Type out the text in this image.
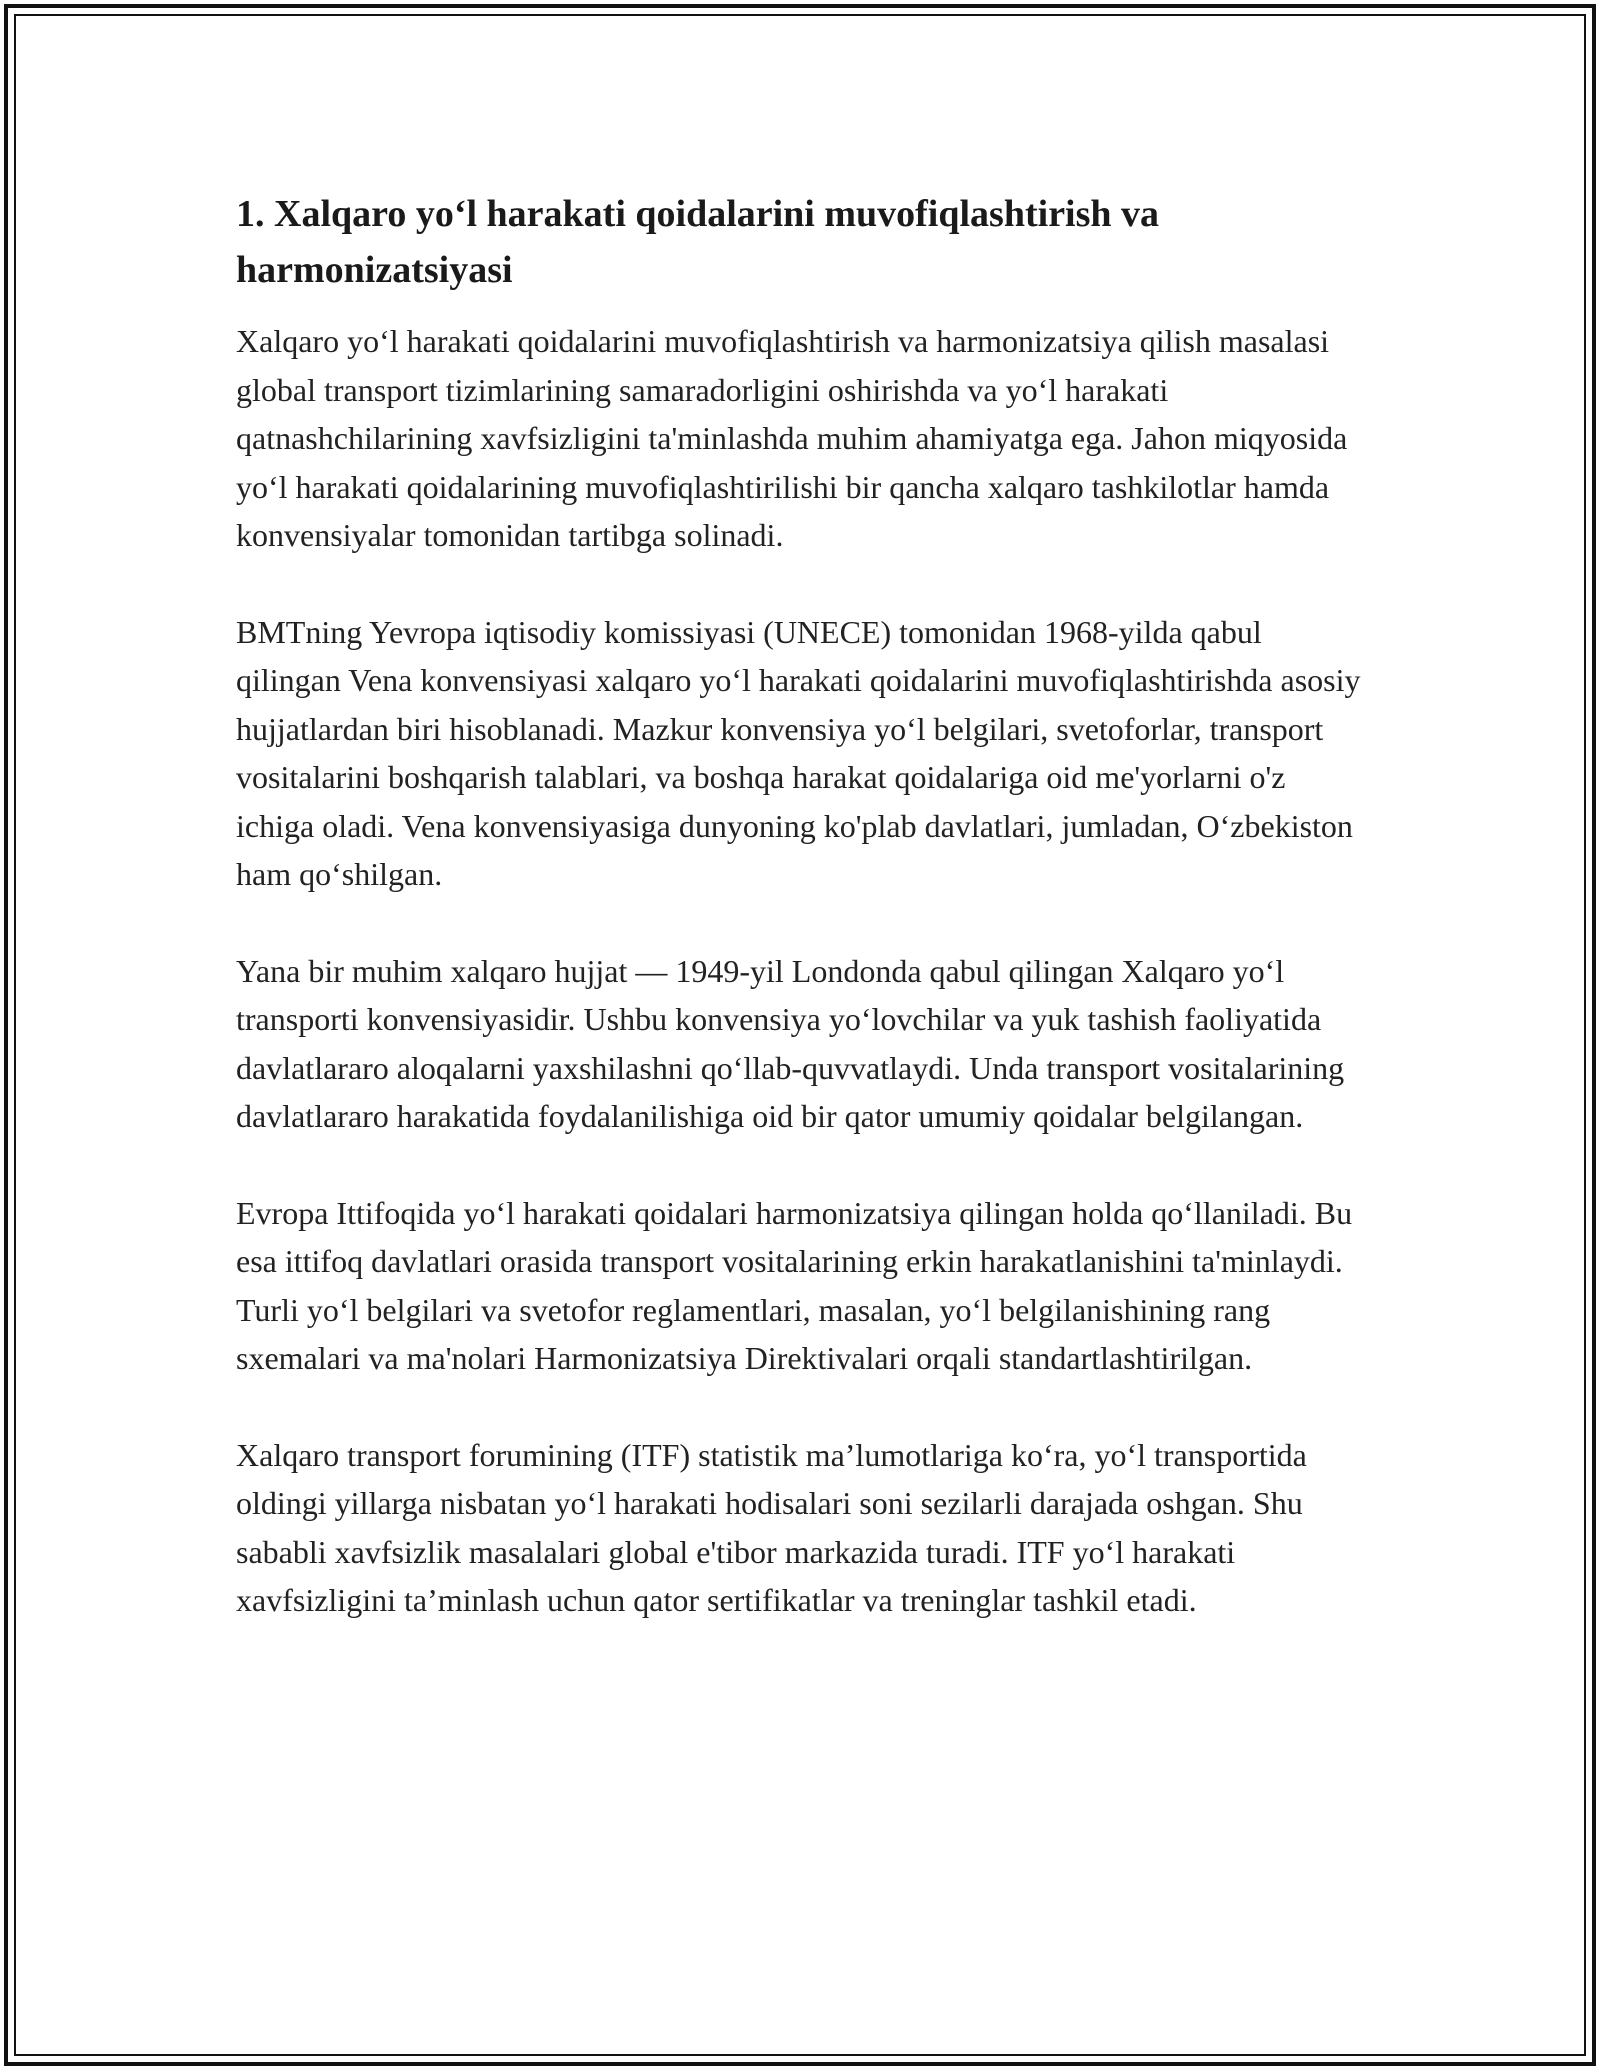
1. Xalqaro yo‘l harakati qoidalarini muvofiqlashtirish va harmonizatsiyasi

Xalqaro yo‘l harakati qoidalarini muvofiqlashtirish va harmonizatsiya qilish masalasi global transport tizimlarining samaradorligini oshirishda va yo‘l harakati qatnashchilarining xavfsizligini ta'minlashda muhim ahamiyatga ega. Jahon miqyosida yo‘l harakati qoidalarining muvofiqlashtirilishi bir qancha xalqaro tashkilotlar hamda konvensiyalar tomonidan tartibga solinadi.

BMTning Yevropa iqtisodiy komissiyasi (UNECE) tomonidan 1968-yilda qabul qilingan Vena konvensiyasi xalqaro yo‘l harakati qoidalarini muvofiqlashtirishda asosiy hujjatlardan biri hisoblanadi. Mazkur konvensiya yo‘l belgilari, svetoforlar, transport vositalarini boshqarish talablari, va boshqa harakat qoidalariga oid me'yorlarni o'z ichiga oladi. Vena konvensiyasiga dunyoning ko'plab davlatlari, jumladan, O‘zbekiston ham qo‘shilgan.

Yana bir muhim xalqaro hujjat — 1949-yil Londonda qabul qilingan Xalqaro yo‘l transporti konvensiyasidir. Ushbu konvensiya yo‘lovchilar va yuk tashish faoliyatida davlatlararo aloqalarni yaxshilashni qo‘llab-quvvatlaydi. Unda transport vositalarining davlatlararo harakatida foydalanilishiga oid bir qator umumiy qoidalar belgilangan.

Evropa Ittifoqida yo‘l harakati qoidalari harmonizatsiya qilingan holda qo‘llaniladi. Bu esa ittifoq davlatlari orasida transport vositalarining erkin harakatlanishini ta'minlaydi. Turli yo‘l belgilari va svetofor reglamentlari, masalan, yo‘l belgilanishining rang sxemalari va ma'nolari Harmonizatsiya Direktivalari orqali standartlashtirilgan.

Xalqaro transport forumining (ITF) statistik ma’lumotlariga ko‘ra, yo‘l transportida oldingi yillarga nisbatan yo‘l harakati hodisalari soni sezilarli darajada oshgan. Shu sababli xavfsizlik masalalari global e'tibor markazida turadi. ITF yo‘l harakati xavfsizligini ta’minlash uchun qator sertifikatlar va treninglar tashkil etadi.
